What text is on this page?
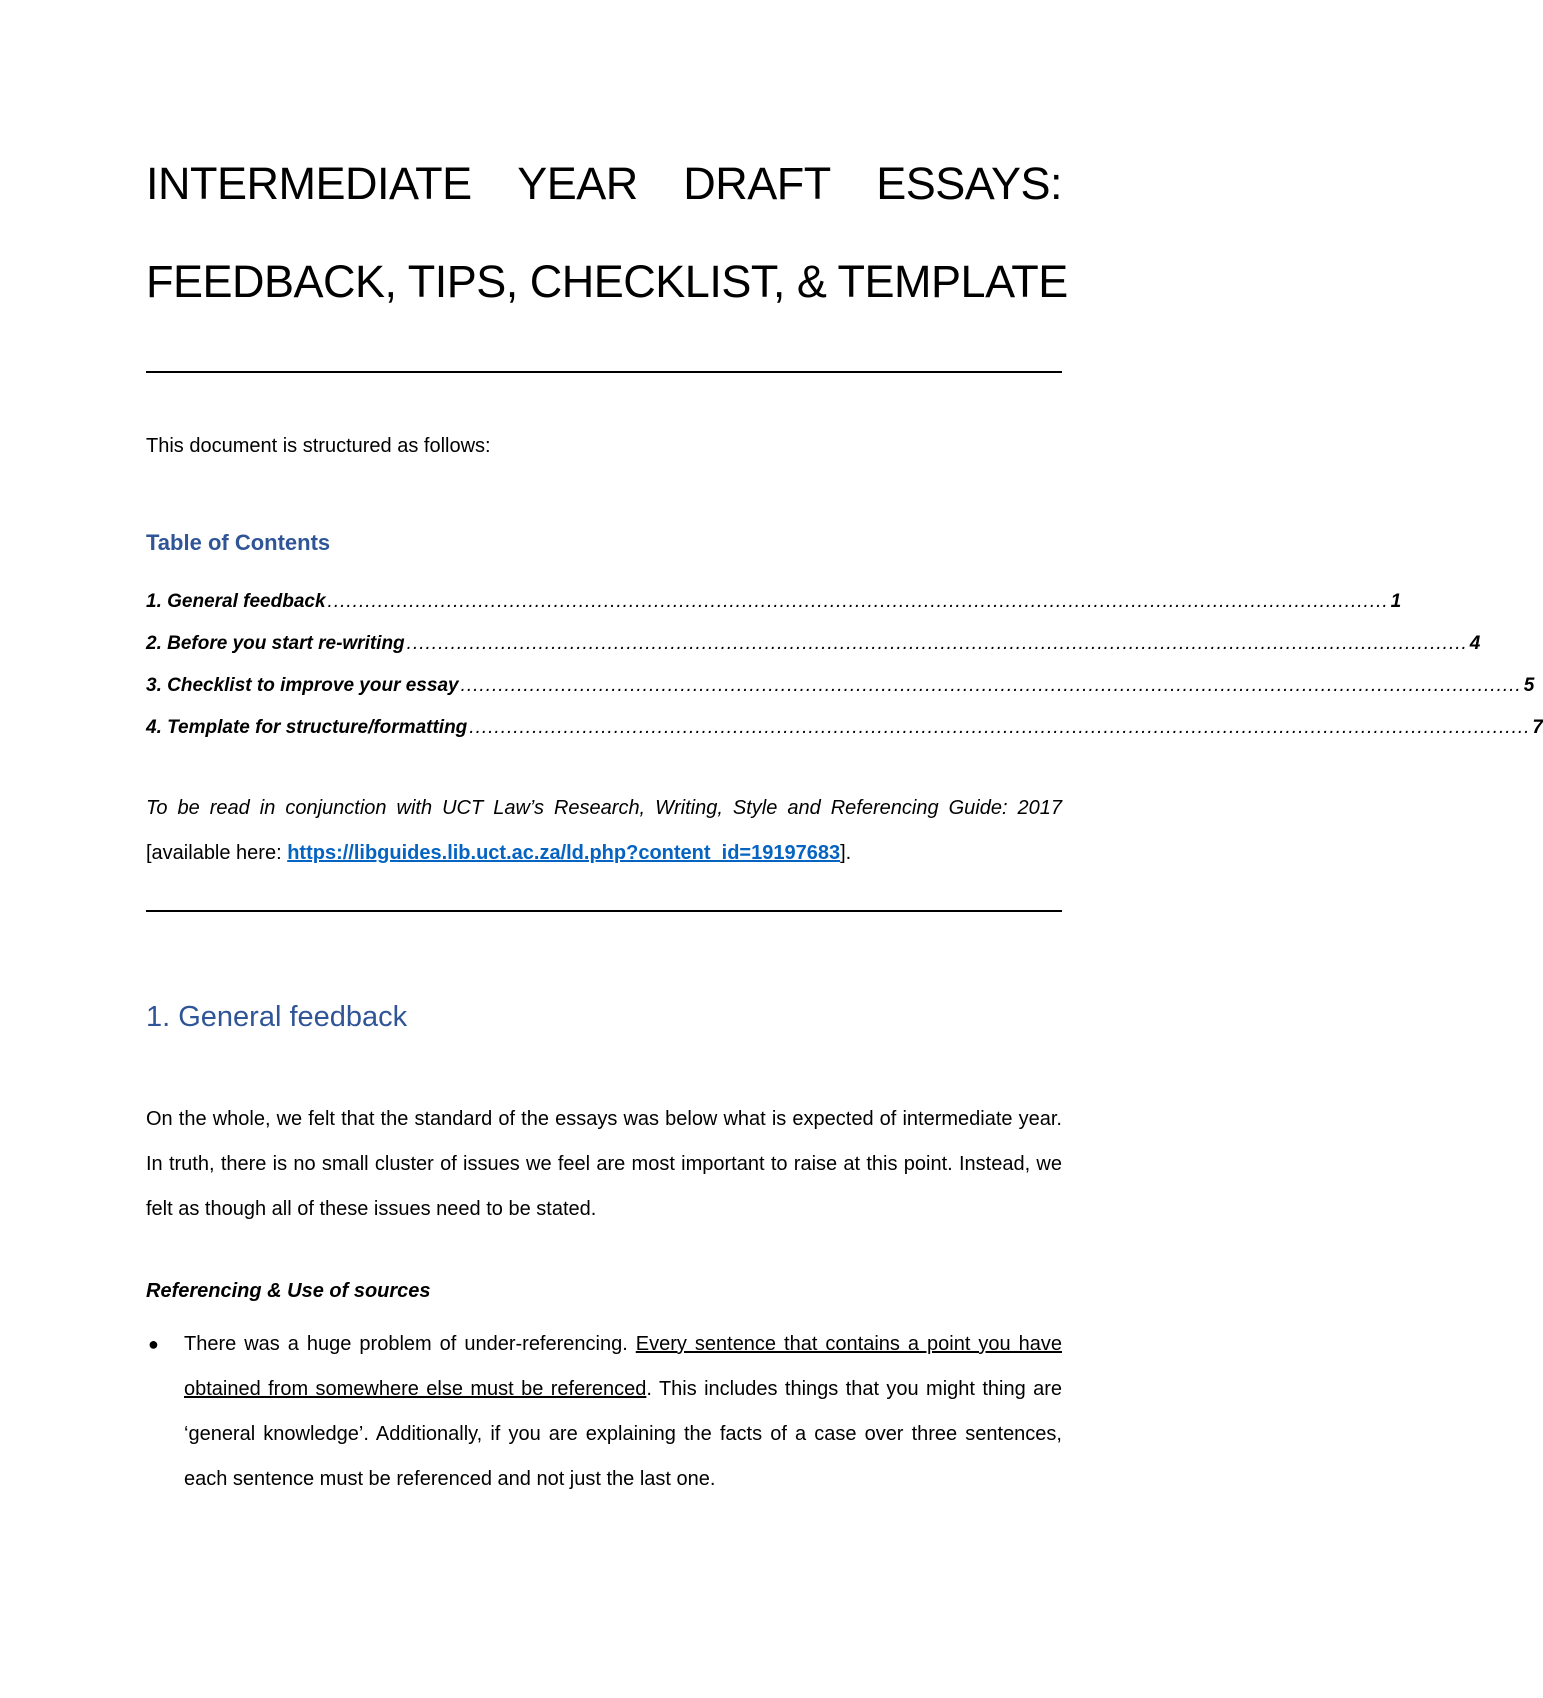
INTERMEDIATE YEAR DRAFT ESSAYS:
FEEDBACK, TIPS, CHECKLIST, & TEMPLATE
This document is structured as follows:
Table of Contents
1. General feedback ......................................................................................................................................................................... 1
2. Before you start re-writing ......................................................................................................................................................................... 4
3. Checklist to improve your essay ......................................................................................................................................................................... 5
4. Template for structure/formatting ......................................................................................................................................................................... 7
To be read in conjunction with UCT Law’s Research, Writing, Style and Referencing Guide: 2017 [available here: https://libguides.lib.uct.ac.za/ld.php?content_id=19197683].
1. General feedback
On the whole, we felt that the standard of the essays was below what is expected of intermediate year. In truth, there is no small cluster of issues we feel are most important to raise at this point. Instead, we felt as though all of these issues need to be stated.
Referencing & Use of sources
● There was a huge problem of under-referencing. Every sentence that contains a point you have obtained from somewhere else must be referenced. This includes things that you might thing are ‘general knowledge’. Additionally, if you are explaining the facts of a case over three sentences, each sentence must be referenced and not just the last one.
